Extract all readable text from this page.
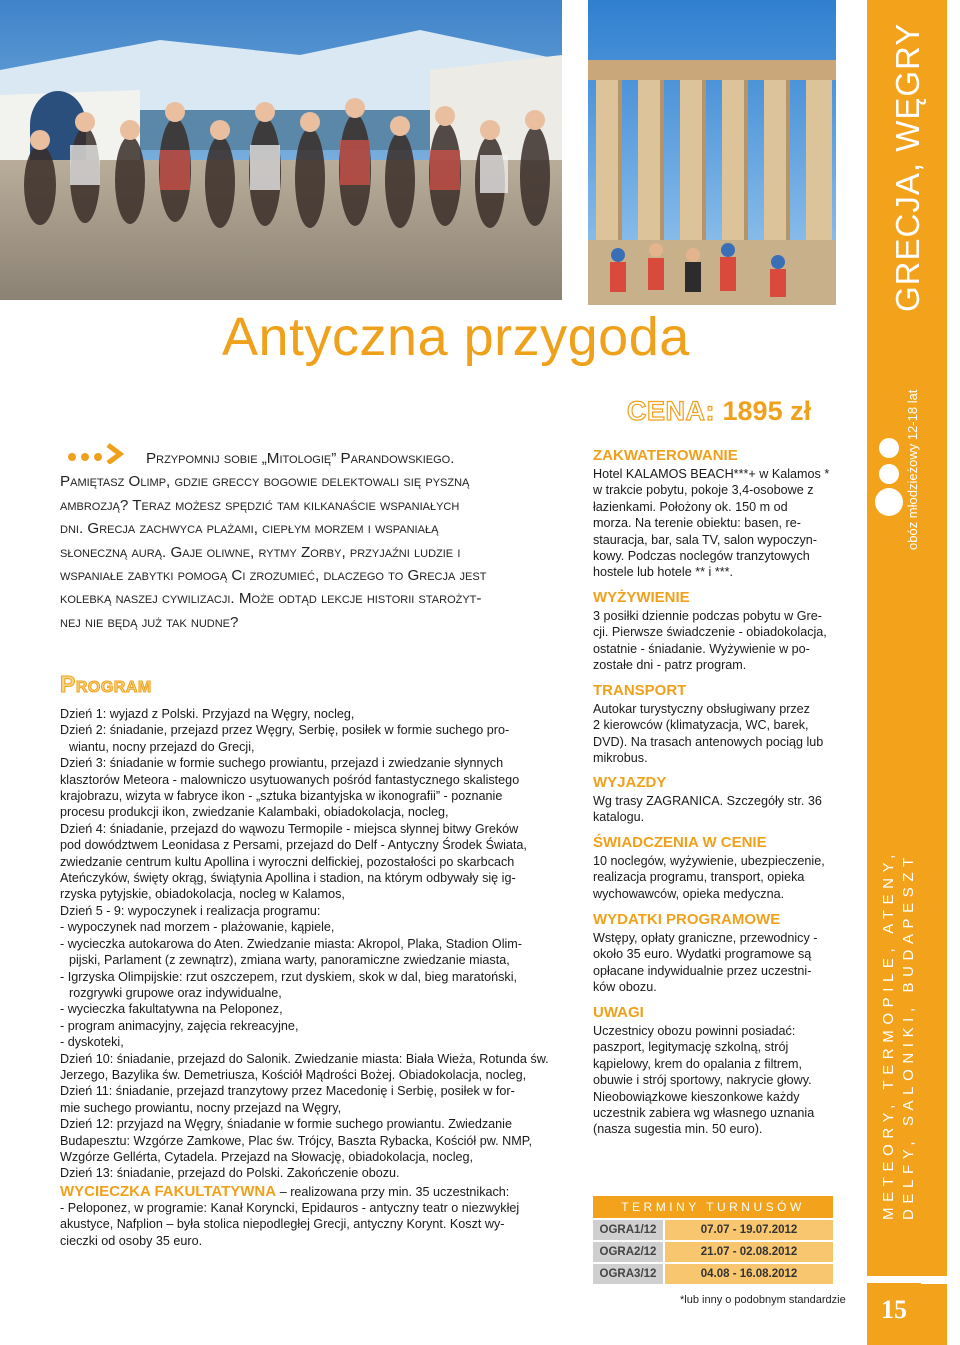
Antyczna przygoda
CENA: 1895 zł
Przypomnij sobie „Mitologię” Parandowskiego.
Pamiętasz Olimp, gdzie greccy bogowie delektowali się pyszną
ambrozją? Teraz możesz spędzić tam kilkanaście wspaniałych
dni. Grecja zachwyca plażami, ciepłym morzem i wspaniałą
słoneczną aurą. Gaje oliwne, rytmy Zorby, przyjaźni ludzie i
wspaniałe zabytki pomogą Ci zrozumieć, dlaczego to Grecja jest
kolebką naszej cywilizacji. Może odtąd lekcje historii starożyt-
nej nie będą już tak nudne?
Program
Dzień 1: wyjazd z Polski. Przyjazd na Węgry, nocleg,
Dzień 2: śniadanie, przejazd przez Węgry, Serbię, posiłek w formie suchego pro-
wiantu, nocny przejazd do Grecji,
Dzień 3: śniadanie w formie suchego prowiantu, przejazd i zwiedzanie słynnych
klasztorów Meteora - malowniczo usytuowanych pośród fantastycznego skalistego
krajobrazu, wizyta w fabryce ikon - „sztuka bizantyjska w ikonografii” - poznanie
procesu produkcji ikon, zwiedzanie Kalambaki, obiadokolacja, nocleg,
Dzień 4: śniadanie, przejazd do wąwozu Termopile - miejsca słynnej bitwy Greków
pod dowództwem Leonidasa z Persami, przejazd do Delf - Antyczny Środek Świata,
zwiedzanie centrum kultu Apollina i wyroczni delfickiej, pozostałości po skarbcach
Ateńczyków, święty okrąg, świątynia Apollina i stadion, na którym odbywały się ig-
rzyska pytyjskie, obiadokolacja, nocleg w Kalamos,
Dzień 5 - 9: wypoczynek i realizacja programu:
- wypoczynek nad morzem - plażowanie, kąpiele,
- wycieczka autokarowa do Aten. Zwiedzanie miasta: Akropol, Plaka, Stadion Olim-
pijski, Parlament (z zewnątrz), zmiana warty, panoramiczne zwiedzanie miasta,
- Igrzyska Olimpijskie: rzut oszczepem, rzut dyskiem, skok w dal, bieg maratoński,
rozgrywki grupowe oraz indywidualne,
- wycieczka fakultatywna na Peloponez,
- program animacyjny, zajęcia rekreacyjne,
- dyskoteki,
Dzień 10: śniadanie, przejazd do Salonik. Zwiedzanie miasta: Biała Wieża, Rotunda św.
Jerzego, Bazylika św. Demetriusza, Kościół Mądrości Bożej. Obiadokolacja, nocleg,
Dzień 11: śniadanie, przejazd tranzytowy przez Macedonię i Serbię, posiłek w for-
mie suchego prowiantu, nocny przejazd na Węgry,
Dzień 12: przyjazd na Węgry, śniadanie w formie suchego prowiantu. Zwiedzanie
Budapesztu: Wzgórze Zamkowe, Plac św. Trójcy, Baszta Rybacka, Kościół pw. NMP,
Wzgórze Gellérta, Cytadela. Przejazd na Słowację, obiadokolacja, nocleg,
Dzień 13: śniadanie, przejazd do Polski. Zakończenie obozu.
WYCIECZKA FAKULTATYWNA – realizowana przy min. 35 uczestnikach:
- Peloponez, w programie: Kanał Koryncki, Epidauros - antyczny teatr o niezwykłej
akustyce, Nafplion – była stolica niepodległej Grecji, antyczny Korynt. Koszt wy-
cieczki od osoby 35 euro.
ZAKWATEROWANIE
Hotel KALAMOS BEACH***+ w Kalamos *
w trakcie pobytu, pokoje 3,4-osobowe z
łazienkami. Położony ok. 150 m od
morza. Na terenie obiektu: basen, re-
stauracja, bar, sala TV, salon wypoczyn-
kowy. Podczas noclegów tranzytowych
hostele lub hotele ** i ***.
WYŻYWIENIE
3 posiłki dziennie podczas pobytu w Gre-
cji. Pierwsze świadczenie - obiadokolacja,
ostatnie - śniadanie. Wyżywienie w po-
zostałe dni - patrz program.
TRANSPORT
Autokar turystyczny obsługiwany przez
2 kierowców (klimatyzacja, WC, barek,
DVD). Na trasach antenowych pociąg lub
mikrobus.
WYJAZDY
Wg trasy ZAGRANICA. Szczegóły str. 36
katalogu.
ŚWIADCZENIA W CENIE
10 noclegów, wyżywienie, ubezpieczenie,
realizacja programu, transport, opieka
wychowawców, opieka medyczna.
WYDATKI PROGRAMOWE
Wstępy, opłaty graniczne, przewodnicy -
około 35 euro. Wydatki programowe są
opłacane indywidualnie przez uczestni-
ków obozu.
UWAGI
Uczestnicy obozu powinni posiadać:
paszport, legitymację szkolną, strój
kąpielowy, krem do opalania z filtrem,
obuwie i strój sportowy, nakrycie głowy.
Nieobowiązkowe kieszonkowe każdy
uczestnik zabiera wg własnego uznania
(nasza sugestia min. 50 euro).
TERMINY TURNUSÓW
OGRA1/12	07.07 - 19.07.2012
OGRA2/12	21.07 - 02.08.2012
OGRA3/12	04.08 - 16.08.2012
*lub inny o podobnym standardzie
GRECJA, WĘGRY
obóz młodzieżowy 12-18 lat
METEORY, TERMOPILE, ATENY, DELFY, SALONIKI, BUDAPESZT
15
